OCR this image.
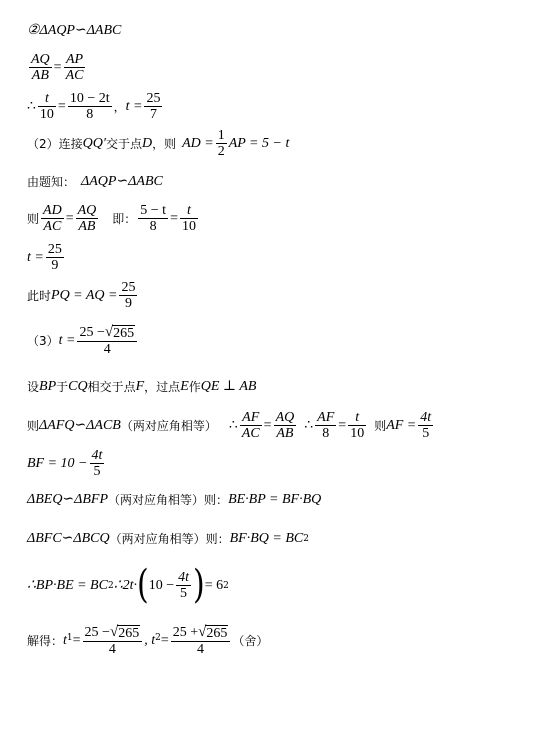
②ΔAQP∽ΔABC
$\frac{AQ}{AB} = \frac{AP}{AC}$
∴ $\frac{t}{10} = \frac{10 - 2t}{8}$ ， $t = \frac{25}{7}$
（2）连接 QQ′ 交于点 D ，则 AD = $\frac{1}{2}$ AP = 5 − t
由题知： ΔAQP∽ΔABC
则 $\frac{AD}{AC} = \frac{AQ}{AB}$ 即： $\frac{5 - t}{8} = \frac{t}{10}$
$t = \frac{25}{9}$
此时 PQ = AQ = $\frac{25}{9}$
（3） $t = \frac{25 - √ 265}{4}$
设 BP 于 CQ 相交于点 F ，过点 E 作 QE ⊥ AB
则 ΔAFQ∽ΔACB （两对应角相等） ∴ $\frac{AF}{AC} = \frac{AQ}{AB}$ ∴ $\frac{AF}{8} = \frac{t}{10}$ 则 AF = $\frac{4t}{5}$
BF = $10 - \frac{4t}{5}$
ΔBEQ∽ΔBFP （两对应角相等）则： BE·BP = BF·BQ
ΔBFC∽ΔBCQ （两对应角相等）则： BF·BQ = BC 2
∴BP·BE = BC 2 ∴2t· ( $10 - \frac{4t}{5}$ ) = 6 2
解得： t $1 = \frac{25 - √ 265}{4}$ , t $2 = \frac{25 + √ 265}{4}$ （舍）
